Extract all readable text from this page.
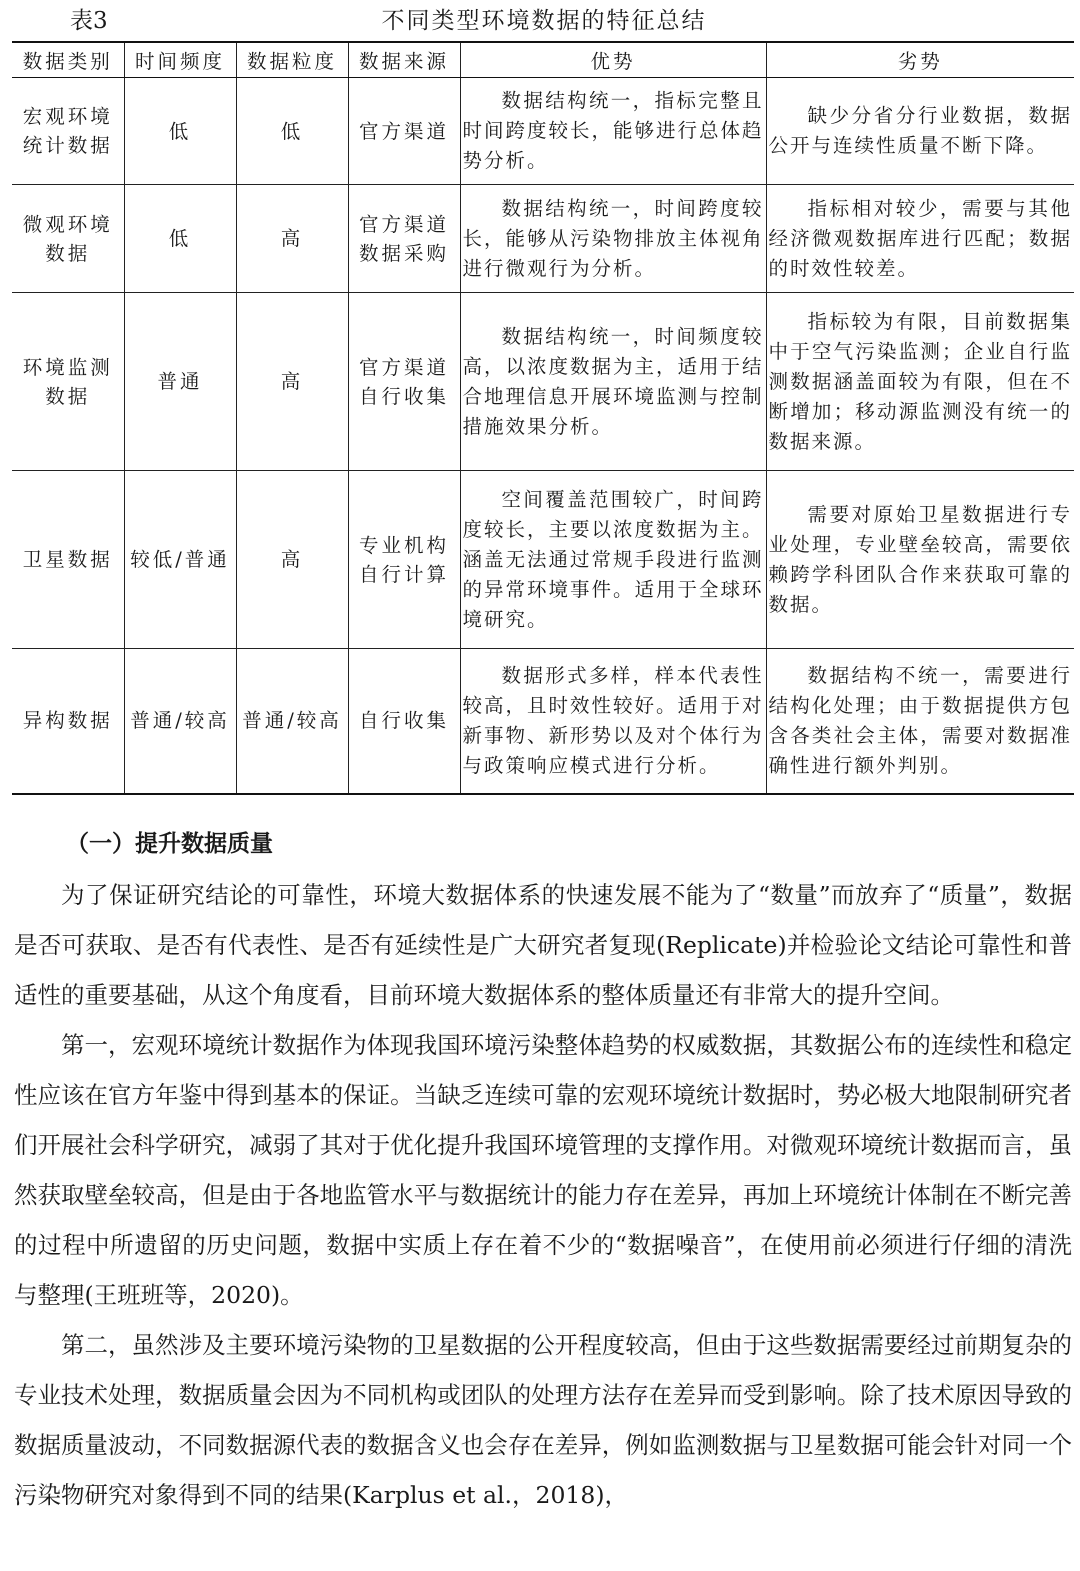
表3	不同类型环境数据的特征总结
数据类别	时间频度	数据粒度	数据来源	优势	劣势
宏观环境统计数据	低	低	官方渠道	数据结构统一，指标完整且时间跨度较长，能够进行总体趋势分析。	缺少分省分行业数据，数据公开与连续性质量不断下降。

微观环境数据	低	高	官方渠道数据采购	数据结构统一，时间跨度较长，能够从污染物排放主体视角进行微观行为分析。	指标相对较少，需要与其他经济微观数据库进行匹配；数据的时效性较差。

环境监测数据	普通	高	官方渠道自行收集	数据结构统一，时间频度较高，以浓度数据为主，适用于结合地理信息开展环境监测与控制措施效果分析。	指标较为有限，目前数据集中于空气污染监测；企业自行监测数据涵盖面较为有限，但在不断增加；移动源监测没有统一的数据来源。

卫星数据	较低/普通	高	专业机构自行计算	空间覆盖范围较广，时间跨度较长，主要以浓度数据为主。涵盖无法通过常规手段进行监测的异常环境事件。适用于全球环境研究。	需要对原始卫星数据进行专业处理，专业壁垒较高，需要依赖跨学科团队合作来获取可靠的数据。

异构数据	普通/较高	普通/较高	自行收集	数据形式多样，样本代表性较高，且时效性较好。适用于对新事物、新形势以及对个体行为与政策响应模式进行分析。	数据结构不统一，需要进行结构化处理；由于数据提供方包含各类社会主体，需要对数据准确性进行额外判别。
（一）提升数据质量

为了保证研究结论的可靠性，环境大数据体系的快速发展不能为了“数量”而放弃了“质量”，数据是否可获取、是否有代表性、是否有延续性是广大研究者复现(Replicate)并检验论文结论可靠性和普适性的重要基础，从这个角度看，目前环境大数据体系的整体质量还有非常大的提升空间。

第一，宏观环境统计数据作为体现我国环境污染整体趋势的权威数据，其数据公布的连续性和稳定性应该在官方年鉴中得到基本的保证。当缺乏连续可靠的宏观环境统计数据时，势必极大地限制研究者们开展社会科学研究，减弱了其对于优化提升我国环境管理的支撑作用。对微观环境统计数据而言，虽然获取壁垒较高，但是由于各地监管水平与数据统计的能力存在差异，再加上环境统计体制在不断完善的过程中所遗留的历史问题，数据中实质上存在着不少的“数据噪音”，在使用前必须进行仔细的清洗与整理(王班班等，2020)。

第二，虽然涉及主要环境污染物的卫星数据的公开程度较高，但由于这些数据需要经过前期复杂的专业技术处理，数据质量会因为不同机构或团队的处理方法存在差异而受到影响。除了技术原因导致的数据质量波动，不同数据源代表的数据含义也会存在差异，例如监测数据与卫星数据可能会针对同一个污染物研究对象得到不同的结果(Karplus et al.，2018)，
